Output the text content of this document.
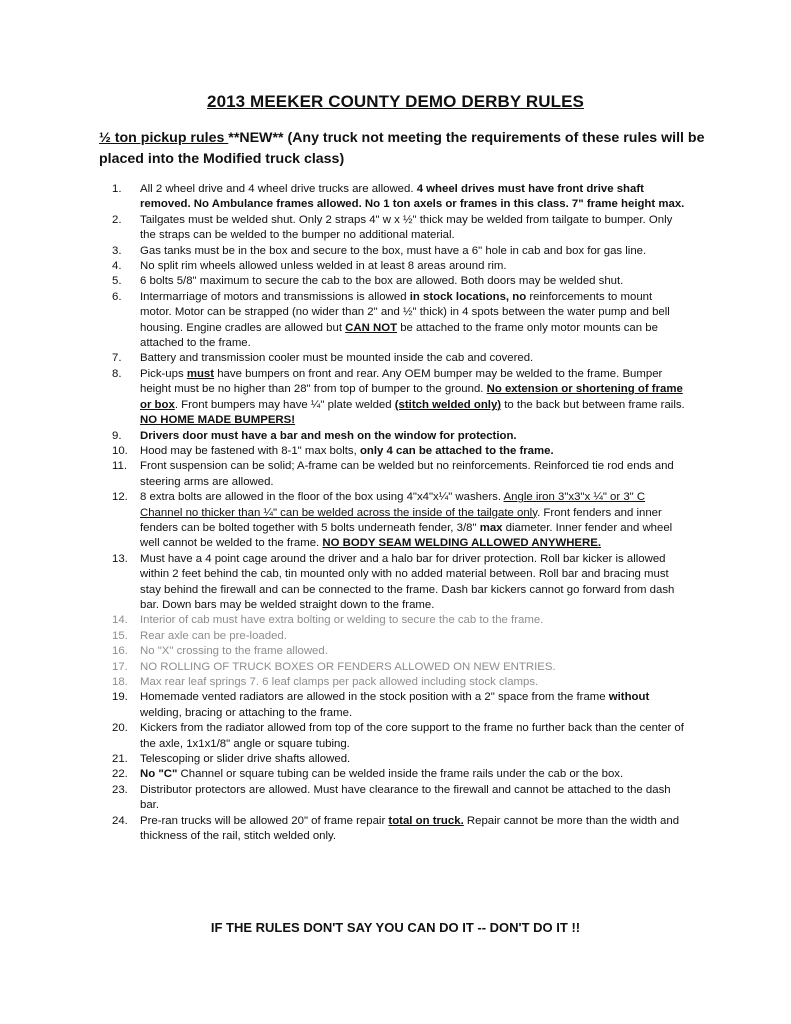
2013 MEEKER COUNTY DEMO DERBY RULES
½ ton pickup rules **NEW** (Any truck not meeting the requirements of these rules will be placed into the Modified truck class)
1.	All 2 wheel drive and 4 wheel drive trucks are allowed. 4 wheel drives must have front drive shaft removed. No Ambulance frames allowed. No 1 ton axels or frames in this class. 7" frame height max.
2.	Tailgates must be welded shut. Only 2 straps 4" w x ½" thick may be welded from tailgate to bumper. Only the straps can be welded to the bumper no additional material.
3.	Gas tanks must be in the box and secure to the box, must have a 6" hole in cab and box for gas line.
4.	No split rim wheels allowed unless welded in at least 8 areas around rim.
5.	6 bolts 5/8" maximum to secure the cab to the box are allowed. Both doors may be welded shut.
6.	Intermarriage of motors and transmissions is allowed in stock locations, no reinforcements to mount motor. Motor can be strapped (no wider than 2" and ½" thick) in 4 spots between the water pump and bell housing. Engine cradles are allowed but CAN NOT be attached to the frame only motor mounts can be attached to the frame.
7.	Battery and transmission cooler must be mounted inside the cab and covered.
8.	Pick-ups must have bumpers on front and rear. Any OEM bumper may be welded to the frame. Bumper height must be no higher than 28" from top of bumper to the ground. No extension or shortening of frame or box. Front bumpers may have ¼" plate welded (stitch welded only) to the back but between frame rails. NO HOME MADE BUMPERS!
9.	Drivers door must have a bar and mesh on the window for protection.
10.	Hood may be fastened with 8-1" max bolts, only 4 can be attached to the frame.
11.	Front suspension can be solid; A-frame can be welded but no reinforcements. Reinforced tie rod ends and steering arms are allowed.
12.	8 extra bolts are allowed in the floor of the box using 4"x4"x¼" washers. Angle iron 3"x3"x ¼" or 3" C Channel no thicker than ¼" can be welded across the inside of the tailgate only. Front fenders and inner fenders can be bolted together with 5 bolts underneath fender, 3/8" max diameter. Inner fender and wheel well cannot be welded to the frame. NO BODY SEAM WELDING ALLOWED ANYWHERE.
13.	Must have a 4 point cage around the driver and a halo bar for driver protection. Roll bar kicker is allowed within 2 feet behind the cab, tin mounted only with no added material between. Roll bar and bracing must stay behind the firewall and can be connected to the frame. Dash bar kickers cannot go forward from dash bar. Down bars may be welded straight down to the frame.
14.	Interior of cab must have extra bolting or welding to secure the cab to the frame.
15.	Rear axle can be pre-loaded.
16.	No "X" crossing to the frame allowed.
17.	NO ROLLING OF TRUCK BOXES OR FENDERS ALLOWED ON NEW ENTRIES.
18.	Max rear leaf springs 7. 6 leaf clamps per pack allowed including stock clamps.
19.	Homemade vented radiators are allowed in the stock position with a 2" space from the frame without welding, bracing or attaching to the frame.
20.	Kickers from the radiator allowed from top of the core support to the frame no further back than the center of the axle, 1x1x1/8" angle or square tubing.
21.	Telescoping or slider drive shafts allowed.
22.	No "C" Channel or square tubing can be welded inside the frame rails under the cab or the box.
23.	Distributor protectors are allowed. Must have clearance to the firewall and cannot be attached to the dash bar.
24.	Pre-ran trucks will be allowed 20" of frame repair total on truck. Repair cannot be more than the width and thickness of the rail, stitch welded only.
IF THE RULES DON'T SAY YOU CAN DO IT -- DON'T DO IT !!
